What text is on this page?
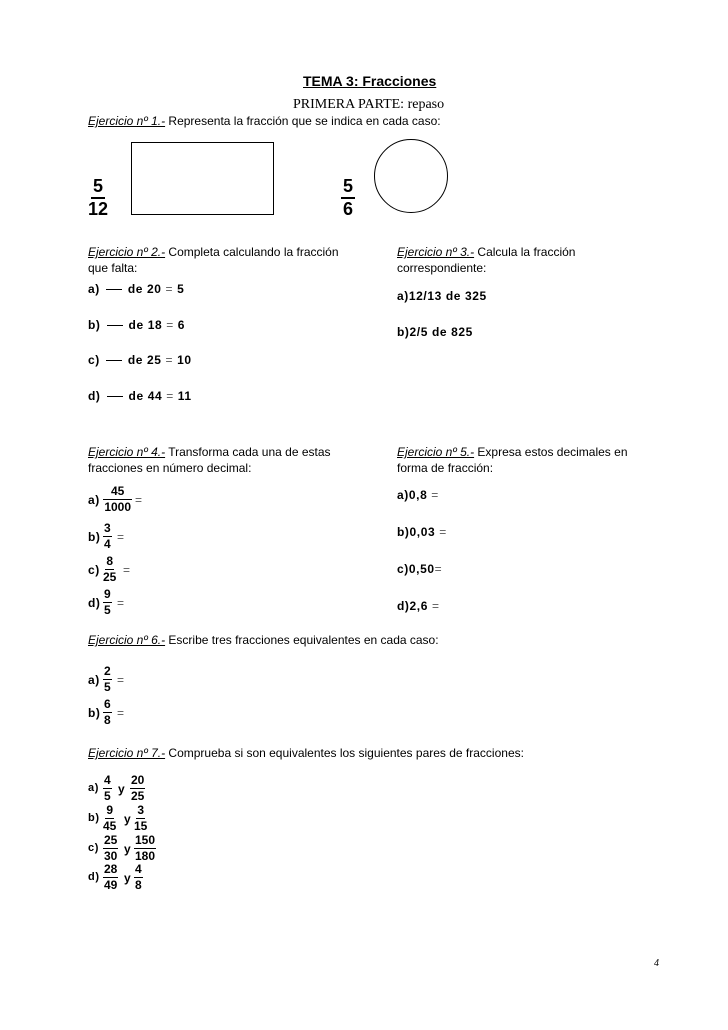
TEMA 3: Fracciones
PRIMERA PARTE: repaso
Ejercicio nº 1.- Representa la fracción que se indica en cada caso:
$\frac{5}{12}$	$\frac{5}{6}$
Ejercicio nº 2.- Completa calculando la fracción
que falta:
a) de 20 = 5
b) de 18 = 6
c) de 25 = 10
d) de 44 = 11
Ejercicio nº 3.- Calcula la fracción
correspondiente:
a)12/13 de 325
b)2/5 de 825
Ejercicio nº 4.- Transforma cada una de estas
fracciones en número decimal:
$a) \frac{45}{1000}$ =
$b) \frac{3}{4}$ =
$c) \frac{8}{25}$ =
$d) \frac{9}{5}$ =
Ejercicio nº 5.- Expresa estos decimales en
forma de fracción:
a)0,8 =
b)0,03 =
c)0,50=
d)2,6 =
Ejercicio nº 6.- Escribe tres fracciones equivalentes en cada caso:
$a) \frac{2}{5}$ =
$b) \frac{6}{8}$ =
Ejercicio nº 7.- Comprueba si son equivalentes los siguientes pares de fracciones:
$a) \frac{4}{5}$ y $\frac{20}{25}$
$b) \frac{9}{45}$ y $\frac{3}{15}$
$c) \frac{25}{30}$ y $\frac{150}{180}$
$d) \frac{28}{49}$ y $\frac{4}{8}$
4
